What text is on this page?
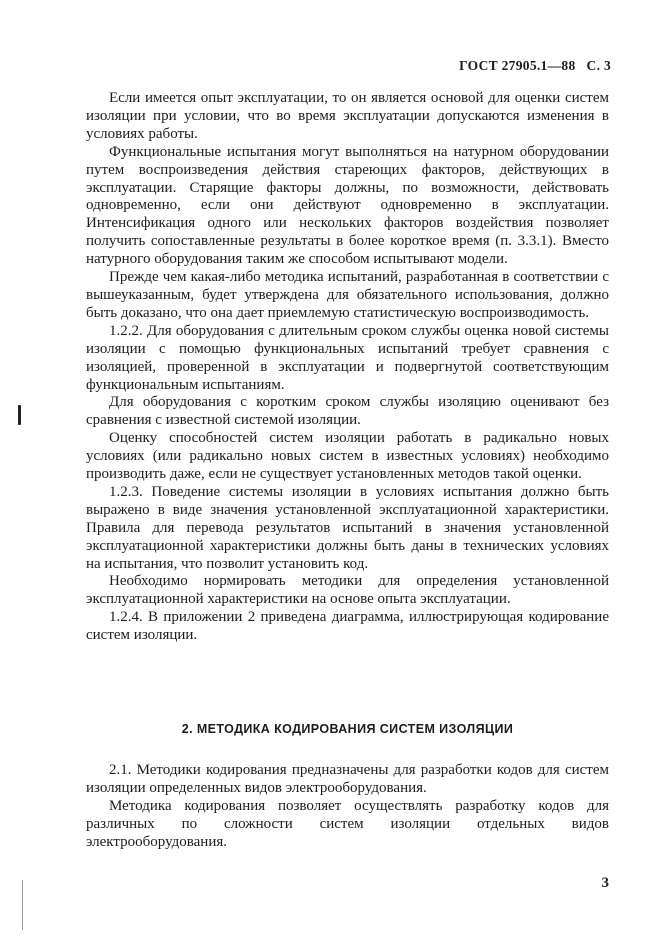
ГОСТ 27905.1—88 С. 3

Если имеется опыт эксплуатации, то он является основой для оценки систем изоляции при условии, что во время эксплуатации допускаются изменения в условиях работы.

Функциональные испытания могут выполняться на натурном оборудовании путем воспроизведения действия стареющих факторов, действующих в эксплуатации. Старящие факторы должны, по возможности, действовать одновременно, если они действуют одновременно в эксплуатации. Интенсификация одного или нескольких факторов воздействия позволяет получить сопоставленные результаты в более короткое время (п. 3.3.1). Вместо натурного оборудования таким же способом испытывают модели.

Прежде чем какая-либо методика испытаний, разработанная в соответствии с вышеуказанным, будет утверждена для обязательного использования, должно быть доказано, что она дает приемлемую статистическую воспроизводимость.

1.2.2. Для оборудования с длительным сроком службы оценка новой системы изоляции с помощью функциональных испытаний требует сравнения с изоляцией, проверенной в эксплуатации и подвергнутой соответствующим функциональным испытаниям.

Для оборудования с коротким сроком службы изоляцию оценивают без сравнения с известной системой изоляции.

Оценку способностей систем изоляции работать в радикально новых условиях (или радикально новых систем в известных условиях) необходимо производить даже, если не существует установленных методов такой оценки.

1.2.3. Поведение системы изоляции в условиях испытания должно быть выражено в виде значения установленной эксплуатационной характеристики. Правила для перевода результатов испытаний в значения установленной эксплуатационной характеристики должны быть даны в технических условиях на испытания, что позволит установить код.

Необходимо нормировать методики для определения установленной эксплуатационной характеристики на основе опыта эксплуатации.

1.2.4. В приложении 2 приведена диаграмма, иллюстрирующая кодирование систем изоляции.

2. МЕТОДИКА КОДИРОВАНИЯ СИСТЕМ ИЗОЛЯЦИИ

2.1. Методики кодирования предназначены для разработки кодов для систем изоляции определенных видов электрооборудования.

Методика кодирования позволяет осуществлять разработку кодов для различных по сложности систем изоляции отдельных видов электрооборудования.

3
